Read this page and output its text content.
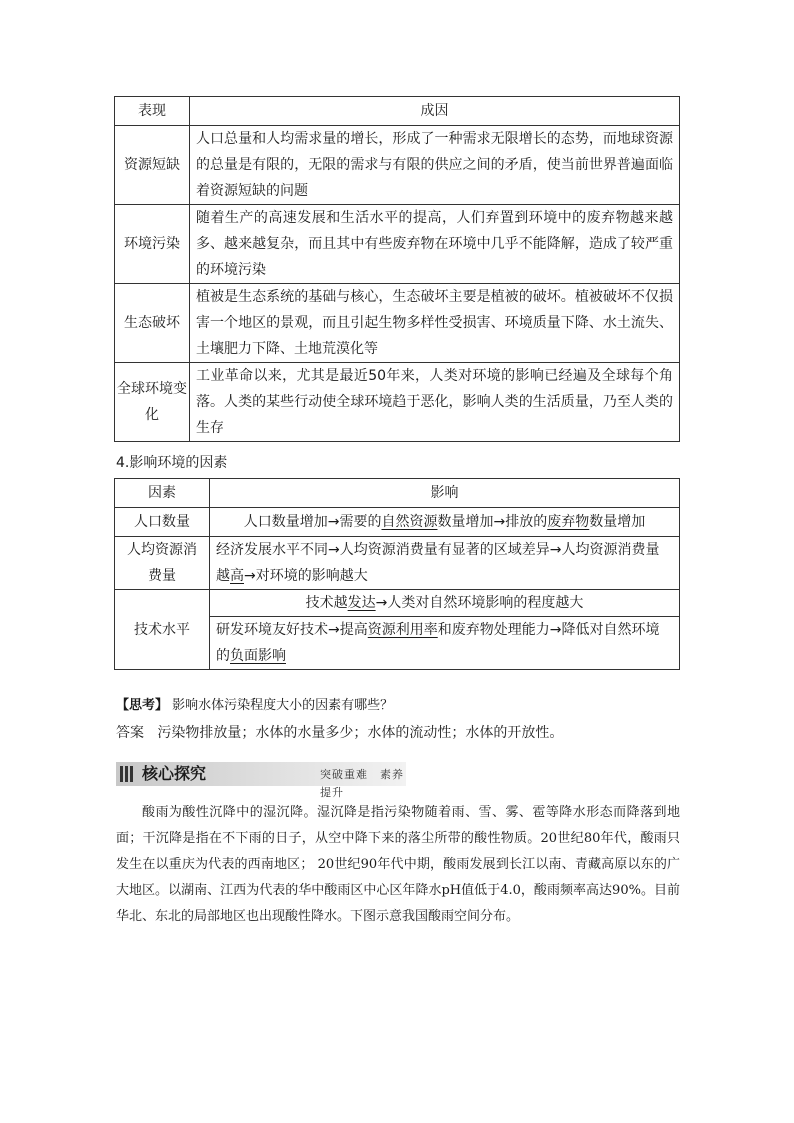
表现	成因
资源短缺	人口总量和人均需求量的增长，形成了一种需求无限增长的态势，而地球资源的总量是有限的，无限的需求与有限的供应之间的矛盾，使当前世界普遍面临着资源短缺的问题
环境污染	随着生产的高速发展和生活水平的提高，人们弃置到环境中的废弃物越来越多、越来越复杂，而且其中有些废弃物在环境中几乎不能降解，造成了较严重的环境污染
生态破坏	植被是生态系统的基础与核心，生态破坏主要是植被的破坏。植被破坏不仅损害一个地区的景观，而且引起生物多样性受损害、环境质量下降、水土流失、土壤肥力下降、土地荒漠化等
全球环境变化	工业革命以来，尤其是最近50年来，人类对环境的影响已经遍及全球每个角落。人类的某些行动使全球环境趋于恶化，影响人类的生活质量，乃至人类的生存
4.影响环境的因素
因素	影响
人口数量	人口数量增加→需要的自然资源数量增加→排放的废弃物数量增加
人均资源消费量	经济发展水平不同→人均资源消费量有显著的区域差异→人均资源消费量越高→对环境的影响越大
技术水平	技术越发达→人类对自然环境影响的程度越大
	研发环境友好技术→提高资源利用率和废弃物处理能力→降低对自然环境的负面影响
【思考】 影响水体污染程度大小的因素有哪些？
答案 污染物排放量；水体的水量多少；水体的流动性；水体的开放性。
核心探究	突破重难　素养提升
酸雨为酸性沉降中的湿沉降。湿沉降是指污染物随着雨、雪、雾、雹等降水形态而降落到地面；干沉降是指在不下雨的日子，从空中降下来的落尘所带的酸性物质。20世纪80年代，酸雨只发生在以重庆为代表的西南地区； 20世纪90年代中期，酸雨发展到长江以南、青藏高原以东的广大地区。以湖南、江西为代表的华中酸雨区中心区年降水pH值低于4.0，酸雨频率高达90%。目前华北、东北的局部地区也出现酸性降水。下图示意我国酸雨空间分布。
